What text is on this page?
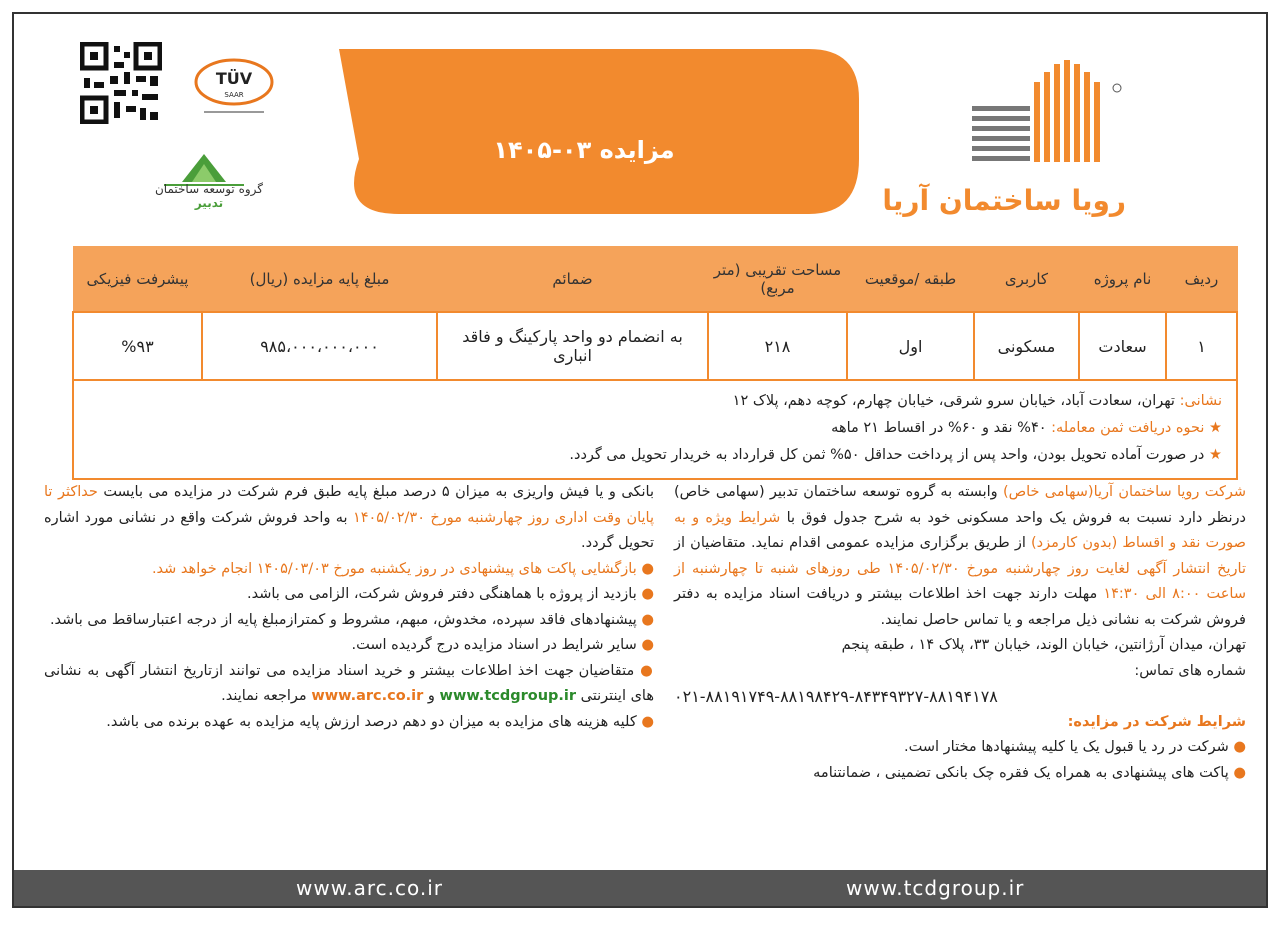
مزایده ۰۳-۱۴۰۵
TÜV
SAAR
گروه توسعه ساختمان
تدبیر	رویا ساختمان آریا
ردیف	نام پروژه	کاربری	طبقه /موقعیت	مساحت تقریبی (متر مربع)	ضمائم	مبلغ پایه مزایده (ریال)	پیشرفت فیزیکی
۱	سعادت	مسکونی	اول	۲۱۸	به انضمام دو واحد پارکینگ و فاقد انباری	۹۸۵،۰۰۰،۰۰۰،۰۰۰	%۹۳
نشانی: تهران، سعادت آباد، خیابان سرو شرقی، خیابان چهارم، کوچه دهم، پلاک ۱۲
★ نحوه دریافت ثمن معامله: ۴۰% نقد و ۶۰% در اقساط ۲۱ ماهه
★ در صورت آماده تحویل بودن، واحد پس از پرداخت حداقل ۵۰% ثمن کل قرارداد به خریدار تحویل می گردد.

شرکت رویا ساختمان آریا(سهامی خاص) وابسته به گروه توسعه ساختمان تدبیر (سهامی خاص) درنظر دارد نسبت به فروش یک واحد مسکونی خود به شرح جدول فوق با شرایط ویژه و به صورت نقد و اقساط (بدون کارمزد) از طریق برگزاری مزایده عمومی اقدام نماید. متقاضیان از تاریخ انتشار آگهی لغایت روز چهارشنبه مورخ ۱۴۰۵/۰۲/۳۰ طی روزهای شنبه تا چهارشنبه از ساعت ۸:۰۰ الی ۱۴:۳۰ مهلت دارند جهت اخذ اطلاعات بیشتر و دریافت اسناد مزایده به دفتر فروش شرکت به نشانی ذیل مراجعه و یا تماس حاصل نمایند.

تهران، میدان آرژانتین، خیابان الوند، خیابان ۳۳، پلاک ۱۴ ، طبقه پنجم

شماره های تماس:

۰۲۱-۸۸۱۹۱۷۴۹-۸۸۱۹۸۴۲۹-۸۴۳۴۹۳۲۷-۸۸۱۹۴۱۷۸

شرایط شرکت در مزایده:

● شرکت در رد یا قبول یک یا کلیه پیشنهادها مختار است.

● پاکت های پیشنهادی به همراه یک فقره چک بانکی تضمینی ، ضمانتنامه

بانکی و یا فیش واریزی به میزان ۵ درصد مبلغ پایه طبق فرم شرکت در مزایده می بایست حداکثر تا پایان وقت اداری روز چهارشنبه مورخ ۱۴۰۵/۰۲/۳۰ به واحد فروش شرکت واقع در نشانی مورد اشاره تحویل گردد.

● بازگشایی پاکت های پیشنهادی در روز یکشنبه مورخ ۱۴۰۵/۰۳/۰۳ انجام خواهد شد.

● بازدید از پروژه با هماهنگی دفتر فروش شرکت، الزامی می باشد.

● پیشنهادهای فاقد سپرده، مخدوش، مبهم، مشروط و کمترازمبلغ پایه از درجه اعتبارساقط می باشد.

● سایر شرایط در اسناد مزایده درج گردیده است.

● متقاضیان جهت اخذ اطلاعات بیشتر و خرید اسناد مزایده می توانند ازتاریخ انتشار آگهی به نشانی های اینترنتی www.tcdgroup.ir و www.arc.co.ir مراجعه نمایند.

● کلیه هزینه های مزایده به میزان دو دهم درصد ارزش پایه مزایده به عهده برنده می باشد.

www.arc.co.ir	www.tcdgroup.ir
